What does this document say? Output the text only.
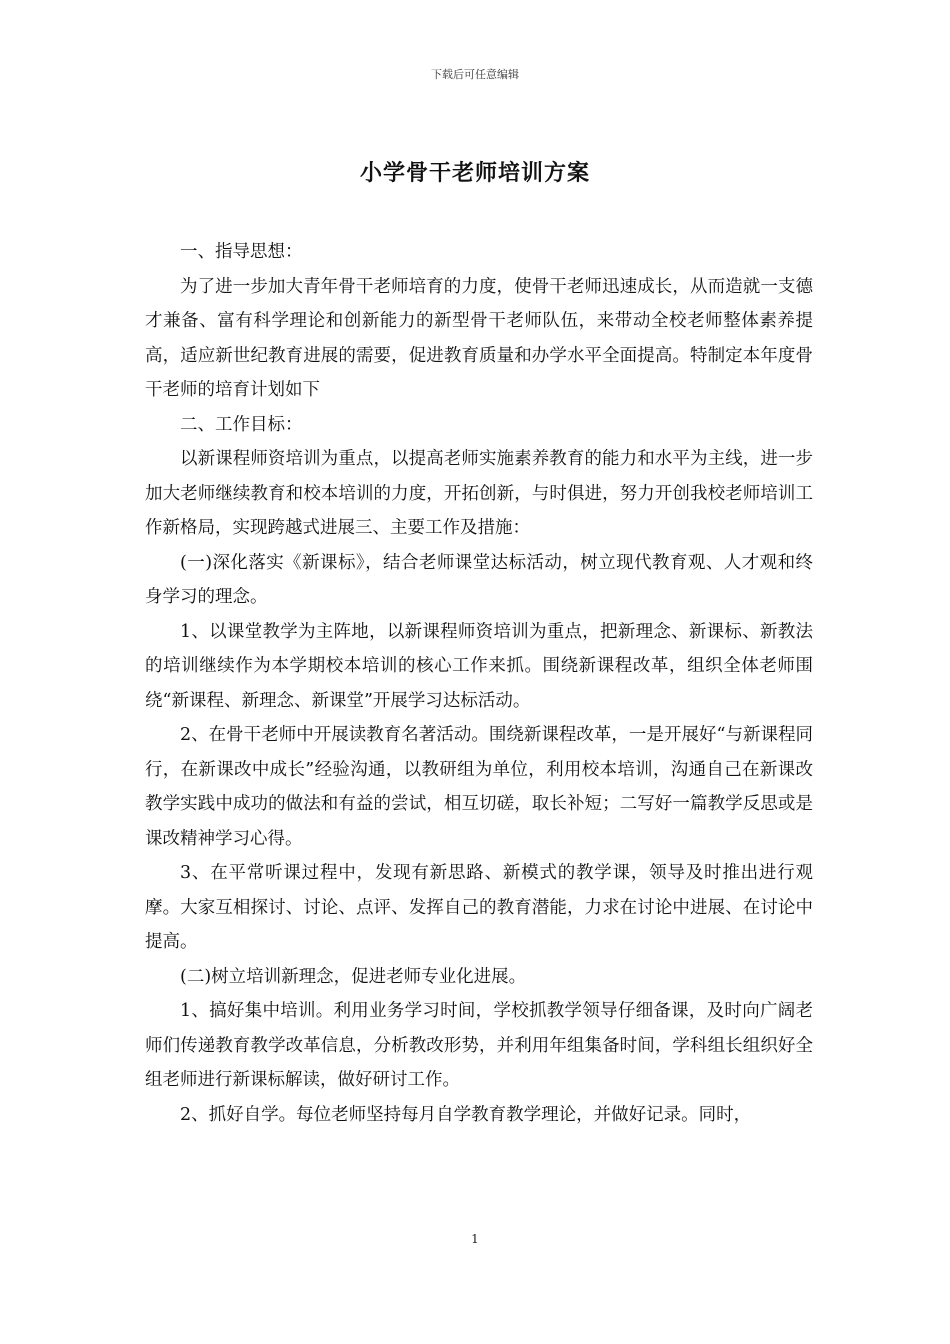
下载后可任意编辑
小学骨干老师培训方案

一、指导思想：

为了进一步加大青年骨干老师培育的力度，使骨干老师迅速成长，从而造就一支德才兼备、富有科学理论和创新能力的新型骨干老师队伍，来带动全校老师整体素养提高，适应新世纪教育进展的需要，促进教育质量和办学水平全面提高。特制定本年度骨干老师的培育计划如下

二、工作目标：

以新课程师资培训为重点，以提高老师实施素养教育的能力和水平为主线，进一步加大老师继续教育和校本培训的力度，开拓创新，与时俱进，努力开创我校老师培训工作新格局，实现跨越式进展三、主要工作及措施：

(一)深化落实《新课标》，结合老师课堂达标活动，树立现代教育观、人才观和终身学习的理念。

1、以课堂教学为主阵地，以新课程师资培训为重点，把新理念、新课标、新教法的培训继续作为本学期校本培训的核心工作来抓。围绕新课程改革，组织全体老师围绕“新课程、新理念、新课堂”开展学习达标活动。

2、在骨干老师中开展读教育名著活动。围绕新课程改革，一是开展好“与新课程同行，在新课改中成长”经验沟通，以教研组为单位，利用校本培训，沟通自己在新课改教学实践中成功的做法和有益的尝试，相互切磋，取长补短；二写好一篇教学反思或是课改精神学习心得。

3、在平常听课过程中，发现有新思路、新模式的教学课，领导及时推出进行观摩。大家互相探讨、讨论、点评、发挥自己的教育潜能，力求在讨论中进展、在讨论中提高。

(二)树立培训新理念，促进老师专业化进展。

1、搞好集中培训。利用业务学习时间，学校抓教学领导仔细备课，及时向广阔老师们传递教育教学改革信息，分析教改形势，并利用年组集备时间，学科组长组织好全组老师进行新课标解读，做好研讨工作。

2、抓好自学。每位老师坚持每月自学教育教学理论，并做好记录。同时，

1
